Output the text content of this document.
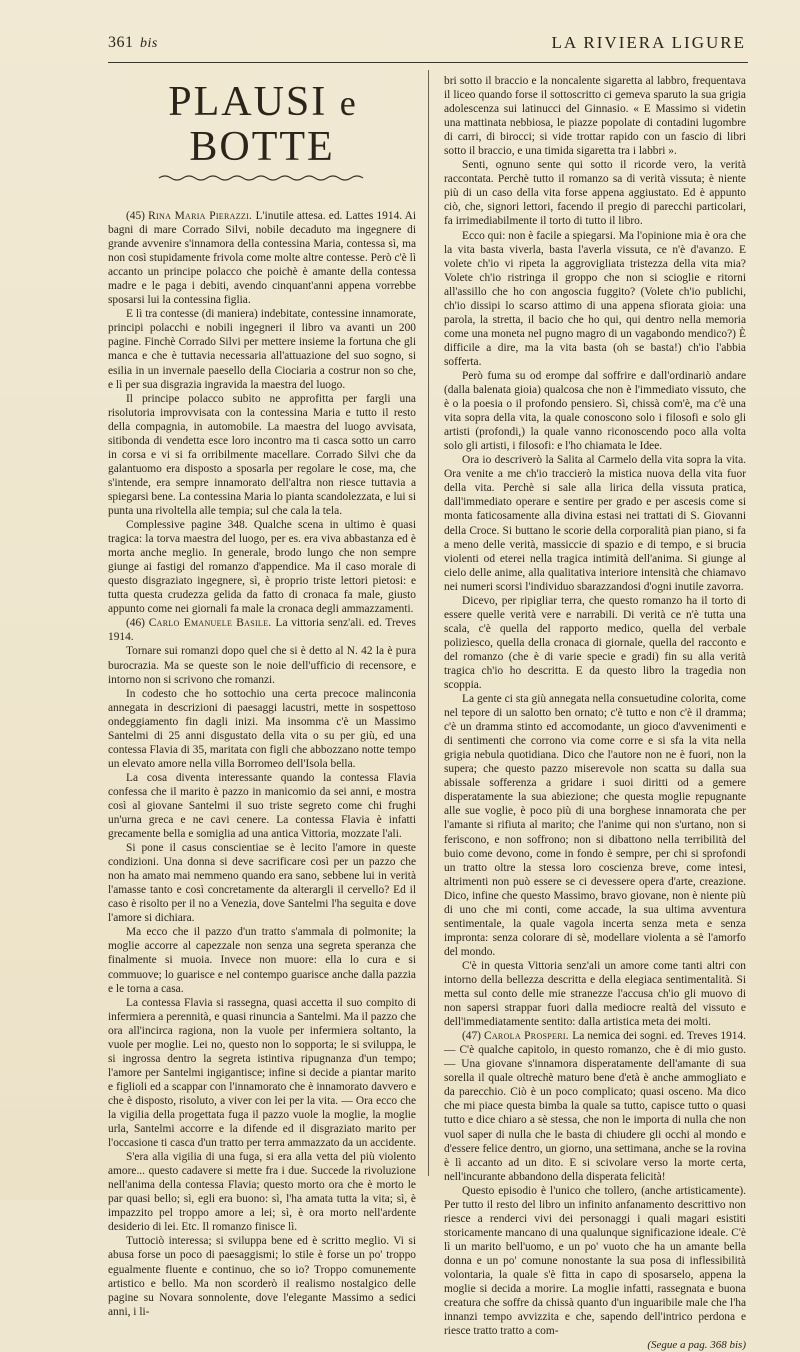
361 bis	LA RIVIERA LIGURE
PLAUSI e BOTTE

(45) Rina Maria Pierazzi. L'inutile attesa. ed. Lattes 1914. Ai bagni di mare Corrado Silvi, nobile decaduto ma ingegnere di grande avvenire s'innamora della contessina Maria, contessa sì, ma non così stupidamente frivola come molte altre contesse. Però c'è lì accanto un principe polacco che poichè è amante della contessa madre e le paga i debiti, avendo cinquant'anni appena vorrebbe sposarsi lui la contessina figlia.

E lì tra contesse (di maniera) indebitate, contessine innamorate, principi polacchi e nobili ingegneri il libro va avanti un 200 pagine. Finchè Corrado Silvi per mettere insieme la fortuna che gli manca e che è tuttavia necessaria all'attuazione del suo sogno, si esilia in un invernale paesello della Ciociaria a costrur non so che, e lì per sua disgrazia ingravida la maestra del luogo.

Il principe polacco subito ne approfitta per fargli una risolutoria improvvisata con la contessina Maria e tutto il resto della compagnia, in automobile. La maestra del luogo avvisata, sitibonda di vendetta esce loro incontro ma ti casca sotto un carro in corsa e vi si fa orribilmente macellare. Corrado Silvi che da galantuomo era disposto a sposarla per regolare le cose, ma, che s'intende, era sempre innamorato dell'altra non riesce tuttavia a spiegarsi bene. La contessina Maria lo pianta scandolezzata, e lui si punta una rivoltella alle tempia; sul che cala la tela.

Complessive pagine 348. Qualche scena in ultimo è quasi tragica: la torva maestra del luogo, per es. era viva abbastanza ed è morta anche meglio. In generale, brodo lungo che non sempre giunge ai fastigi del romanzo d'appendice. Ma il caso morale di questo disgraziato ingegnere, sì, è proprio triste lettori pietosi: e tutta questa crudezza gelida da fatto di cronaca fa male, giusto appunto come nei giornali fa male la cronaca degli ammazzamenti.

(46) Carlo Emanuele Basile. La vittoria senz'ali. ed. Treves 1914.

Tornare sui romanzi dopo quel che si è detto al N. 42 la è pura burocrazia. Ma se queste son le noie dell'ufficio di recensore, e intorno non si scrivono che romanzi.

In codesto che ho sottochio una certa precoce malinconia annegata in descrizioni di paesaggi lacustri, mette in sospettoso ondeggiamento fin dagli inizi. Ma insomma c'è un Massimo Santelmi di 25 anni disgustato della vita o su per giù, ed una contessa Flavia di 35, maritata con figli che abbozzano notte tempo un elevato amore nella villa Borromeo dell'Isola bella.

La cosa diventa interessante quando la contessa Flavia confessa che il marito è pazzo in manicomio da sei anni, e mostra così al giovane Santelmi il suo triste segreto come chi frughi un'urna greca e ne cavi cenere. La contessa Flavia è infatti grecamente bella e somiglia ad una antica Vittoria, mozzate l'ali.

Si pone il casus conscientiae se è lecito l'amore in queste condizioni. Una donna si deve sacrificare così per un pazzo che non ha amato mai nemmeno quando era sano, sebbene lui in verità l'amasse tanto e così concretamente da alterargli il cervello? Ed il caso è risolto per il no a Venezia, dove Santelmi l'ha seguita e dove l'amore si dichiara.

Ma ecco che il pazzo d'un tratto s'ammala di polmonite; la moglie accorre al capezzale non senza una segreta speranza che finalmente si muoia. Invece non muore: ella lo cura e si commuove; lo guarisce e nel contempo guarisce anche dalla pazzia e le torna a casa.

La contessa Flavia si rassegna, quasi accetta il suo compito di infermiera a perennità, e quasi rinuncia a Santelmi. Ma il pazzo che ora all'incirca ragiona, non la vuole per infermiera soltanto, la vuole per moglie. Lei no, questo non lo sopporta; le si sviluppa, le si ingrossa dentro la segreta istintiva ripugnanza d'un tempo; l'amore per Santelmi ingigantisce; infine si decide a piantar marito e figlioli ed a scappar con l'innamorato che è innamorato davvero e che è disposto, risoluto, a viver con lei per la vita. — Ora ecco che la vigilia della progettata fuga il pazzo vuole la moglie, la moglie urla, Santelmi accorre e la difende ed il disgraziato marito per l'occasione ti casca d'un tratto per terra ammazzato da un accidente.

S'era alla vigilia di una fuga, si era alla vetta del più violento amore... questo cadavere si mette fra i due. Succede la rivoluzione nell'anima della contessa Flavia; questo morto ora che è morto le par quasi bello; sì, egli era buono: sì, l'ha amata tutta la vita; sì, è impazzito pel troppo amore a lei; sì, è ora morto nell'ardente desiderio di lei. Etc. Il romanzo finisce lì.

Tuttociò interessa; si sviluppa bene ed è scritto meglio. Vi si abusa forse un poco di paesaggismi; lo stile è forse un po' troppo egualmente fluente e continuo, che so io? Troppo comunemente artistico e bello. Ma non scorderò il realismo nostalgico delle pagine su Novara sonnolente, dove l'elegante Massimo a sedici anni, i li-

bri sotto il braccio e la noncalente sigaretta al labbro, frequentava il liceo quando forse il sottoscritto ci gemeva sparuto la sua grigia adolescenza sui latinucci del Ginnasio. « E Massimo si videtin una mattinata nebbiosa, le piazze popolate di contadini lugombre di carri, di birocci; si vide trottar rapido con un fascio di libri sotto il braccio, e una timida sigaretta tra i labbri ».

Senti, ognuno sente qui sotto il ricorde vero, la verità raccontata. Perchè tutto il romanzo sa di verità vissuta; è niente più di un caso della vita forse appena aggiustato. Ed è appunto ciò, che, signori lettori, facendo il pregio di parecchi particolari, fa irrimediabilmente il torto di tutto il libro.

Ecco qui: non è facile a spiegarsi. Ma l'opinione mia è ora che la vita basta viverla, basta l'averla vissuta, ce n'è d'avanzo. E volete ch'io vi ripeta la aggrovigliata tristezza della vita mia? Volete ch'io ristringa il groppo che non si scioglie e ritorni all'assillo che ho con angoscia fuggito? (Volete ch'io publichi, ch'io dissipi lo scarso attimo di una appena sfiorata gioia: una parola, la stretta, il bacio che ho qui, qui dentro nella memoria come una moneta nel pugno magro di un vagabondo mendico?) È difficile a dire, ma la vita basta (oh se basta!) ch'io l'abbia sofferta.

Però fuma su od erompe dal soffrire e dall'ordinariò andare (dalla balenata gioia) qualcosa che non è l'immediato vissuto, che è o la poesia o il profondo pensiero. Sì, chissà com'è, ma c'è una vita sopra della vita, la quale conoscono solo i filosofi e solo gli artisti (profondi,) la quale vanno riconoscendo poco alla volta solo gli artisti, i filosofi: e l'ho chiamata le Idee.

Ora io descriverò la Salita al Carmelo della vita sopra la vita. Ora venite a me ch'io traccierò la mistica nuova della vita fuor della vita. Perchè si sale alla lirica della vissuta pratica, dall'immediato operare e sentire per grado e per ascesis come si monta faticosamente alla divina estasi nei trattati di S. Giovanni della Croce. Si buttano le scorie della corporalità pian piano, si fa a meno delle verità, massiccie di spazio e di tempo, e si brucia violenti od eterei nella tragica intimità dell'anima. Si giunge al cielo delle anime, alla qualitativa interiore intensità che chiamavo nei numeri scorsi l'individuo sbarazzandosi d'ogni inutile zavorra.

Dicevo, per ripigliar terra, che questo romanzo ha il torto di essere quelle verità vere e narrabili. Di verità ce n'è tutta una scala, c'è quella del rapporto medico, quella del verbale polizìesco, quella della cronaca di giornale, quella del racconto e del romanzo (che è di varie specie e gradi) fin su alla verità tragica ch'io ho descritta. E da questo libro la tragedia non scoppia.

La gente ci sta giù annegata nella consuetudine colorita, come nel tepore di un salotto ben ornato; c'è tutto e non c'è il dramma; c'è un dramma stinto ed accomodante, un gioco d'avvenimenti e di sentimenti che corrono via come corre e si sfa la vita nella grigia nebula quotidiana. Dico che l'autore non ne è fuori, non la supera; che questo pazzo miserevole non scatta su dalla sua abissale sofferenza a gridare i suoi diritti od a gemere disperatamente la sua abiezione; che questa moglie repugnante alle sue voglie, è poco più di una borghese innamorata che per l'amante si rifiuta al marito; che l'anime qui non s'urtano, non si feriscono, e non soffrono; non si dibattono nella terribilità del buio come devono, come in fondo è sempre, per chi si sprofondi un tratto oltre la stessa loro coscienza breve, come intesi, altrimenti non può essere se ci devessere opera d'arte, creazione. Dico, infine che questo Massimo, bravo giovane, non è niente più di uno che mi conti, come accade, la sua ultima avventura sentimentale, la quale vagola incerta senza meta e senza impronta: senza colorare di sè, modellare violenta a sè l'amorfo del mondo.

C'è in questa Vittoria senz'ali un amore come tanti altri con intorno della bellezza descritta e della elegiaca sentimentalità. Si metta sul conto delle mie stranezze l'accusa ch'io gli muovo di non sapersi strappar fuori dalla mediocre realtà del vissuto e dell'immediatamente sentito: dalla artistica meta dei molti.

(47) Carola Prosperi. La nemica dei sogni. ed. Treves 1914. — C'è qualche capitolo, in questo romanzo, che è di mio gusto. — Una giovane s'innamora disperatamente dell'amante di sua sorella il quale oltrechè maturo bene d'età è anche ammogliato e da parecchio. Ciò è un poco complicato; quasi osceno. Ma dico che mi piace questa bimba la quale sa tutto, capisce tutto o quasi tutto e dice chiaro a sè stessa, che non le importa di nulla che non vuol saper di nulla che le basta di chiudere gli occhi al mondo e d'essere felice dentro, un giorno, una settimana, anche se la rovina è lì accanto ad un dito. E si scivolare verso la morte certa, nell'incurante abbandono della disperata felicità!

Questo episodio è l'unico che tollero, (anche artisticamente). Per tutto il resto del libro un infinito anfanamento descrittivo non riesce a renderci vivi dei personaggi i quali magari esistiti storicamente mancano di una qualunque significazione ideale. C'è lì un marito bell'uomo, e un po' vuoto che ha un amante bella donna e un po' comune nonostante la sua posa di inflessibilità volontaria, la quale s'è fitta in capo di sposarselo, appena la moglie si decida a morire. La moglie infatti, rassegnata e buona creatura che soffre da chissà quanto d'un inguaribile male che l'ha innanzi tempo avvizzita e che, sapendo dell'intrico perdona e riesce tratto tratto a com-

(Segue a pag. 368 bis)
